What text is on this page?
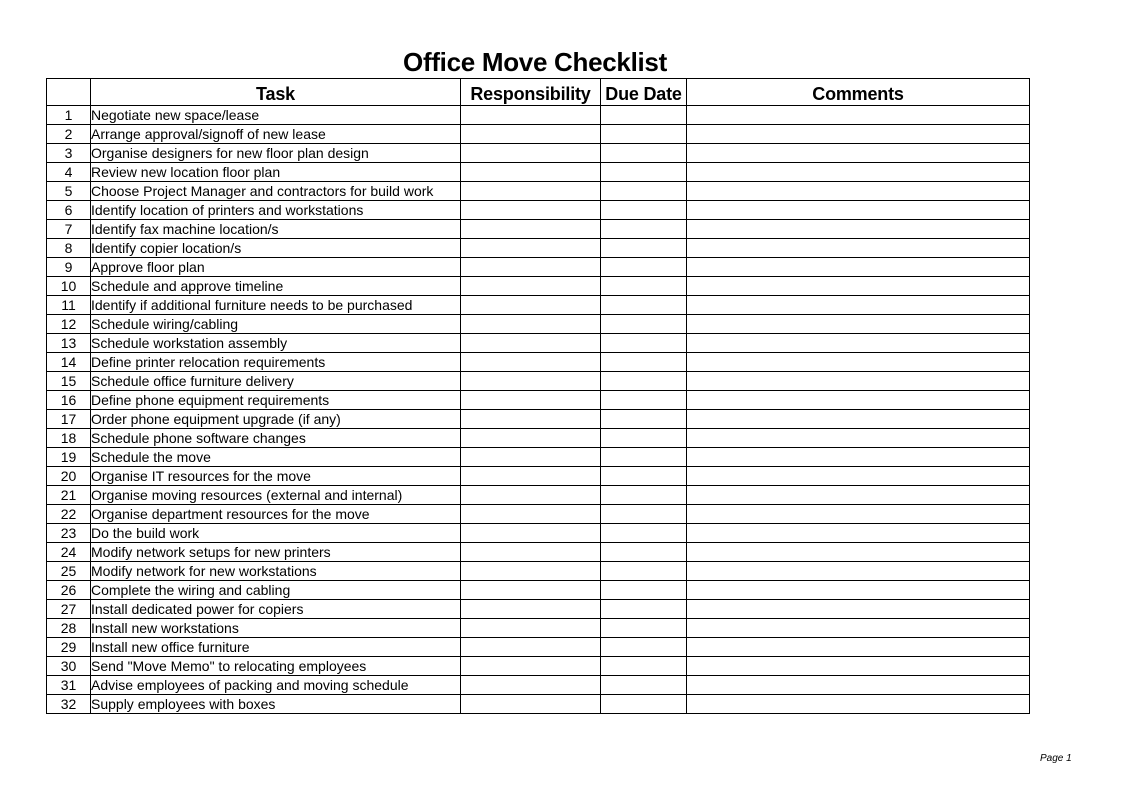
Office Move Checklist
	Task	Responsibility	Due Date	Comments
1	Negotiate new space/lease			
2	Arrange approval/signoff of new lease			
3	Organise designers for new floor plan design			
4	Review new location floor plan			
5	Choose Project Manager and contractors for build work			
6	Identify location of printers and workstations			
7	Identify fax machine location/s			
8	Identify copier location/s			
9	Approve floor plan			
10	Schedule and approve timeline			
11	Identify if additional furniture needs to be purchased			
12	Schedule wiring/cabling			
13	Schedule workstation assembly			
14	Define printer relocation requirements			
15	Schedule office furniture delivery			
16	Define phone equipment requirements			
17	Order phone equipment upgrade (if any)			
18	Schedule phone software changes			
19	Schedule the move			
20	Organise IT resources for the move			
21	Organise moving resources (external and internal)			
22	Organise department resources for the move			
23	Do the build work			
24	Modify network setups for new printers			
25	Modify network for new workstations			
26	Complete the wiring and cabling			
27	Install dedicated power for copiers			
28	Install new workstations			
29	Install new office furniture			
30	Send "Move Memo" to relocating employees			
31	Advise employees of packing and moving schedule			
32	Supply employees with boxes			
Page 1
